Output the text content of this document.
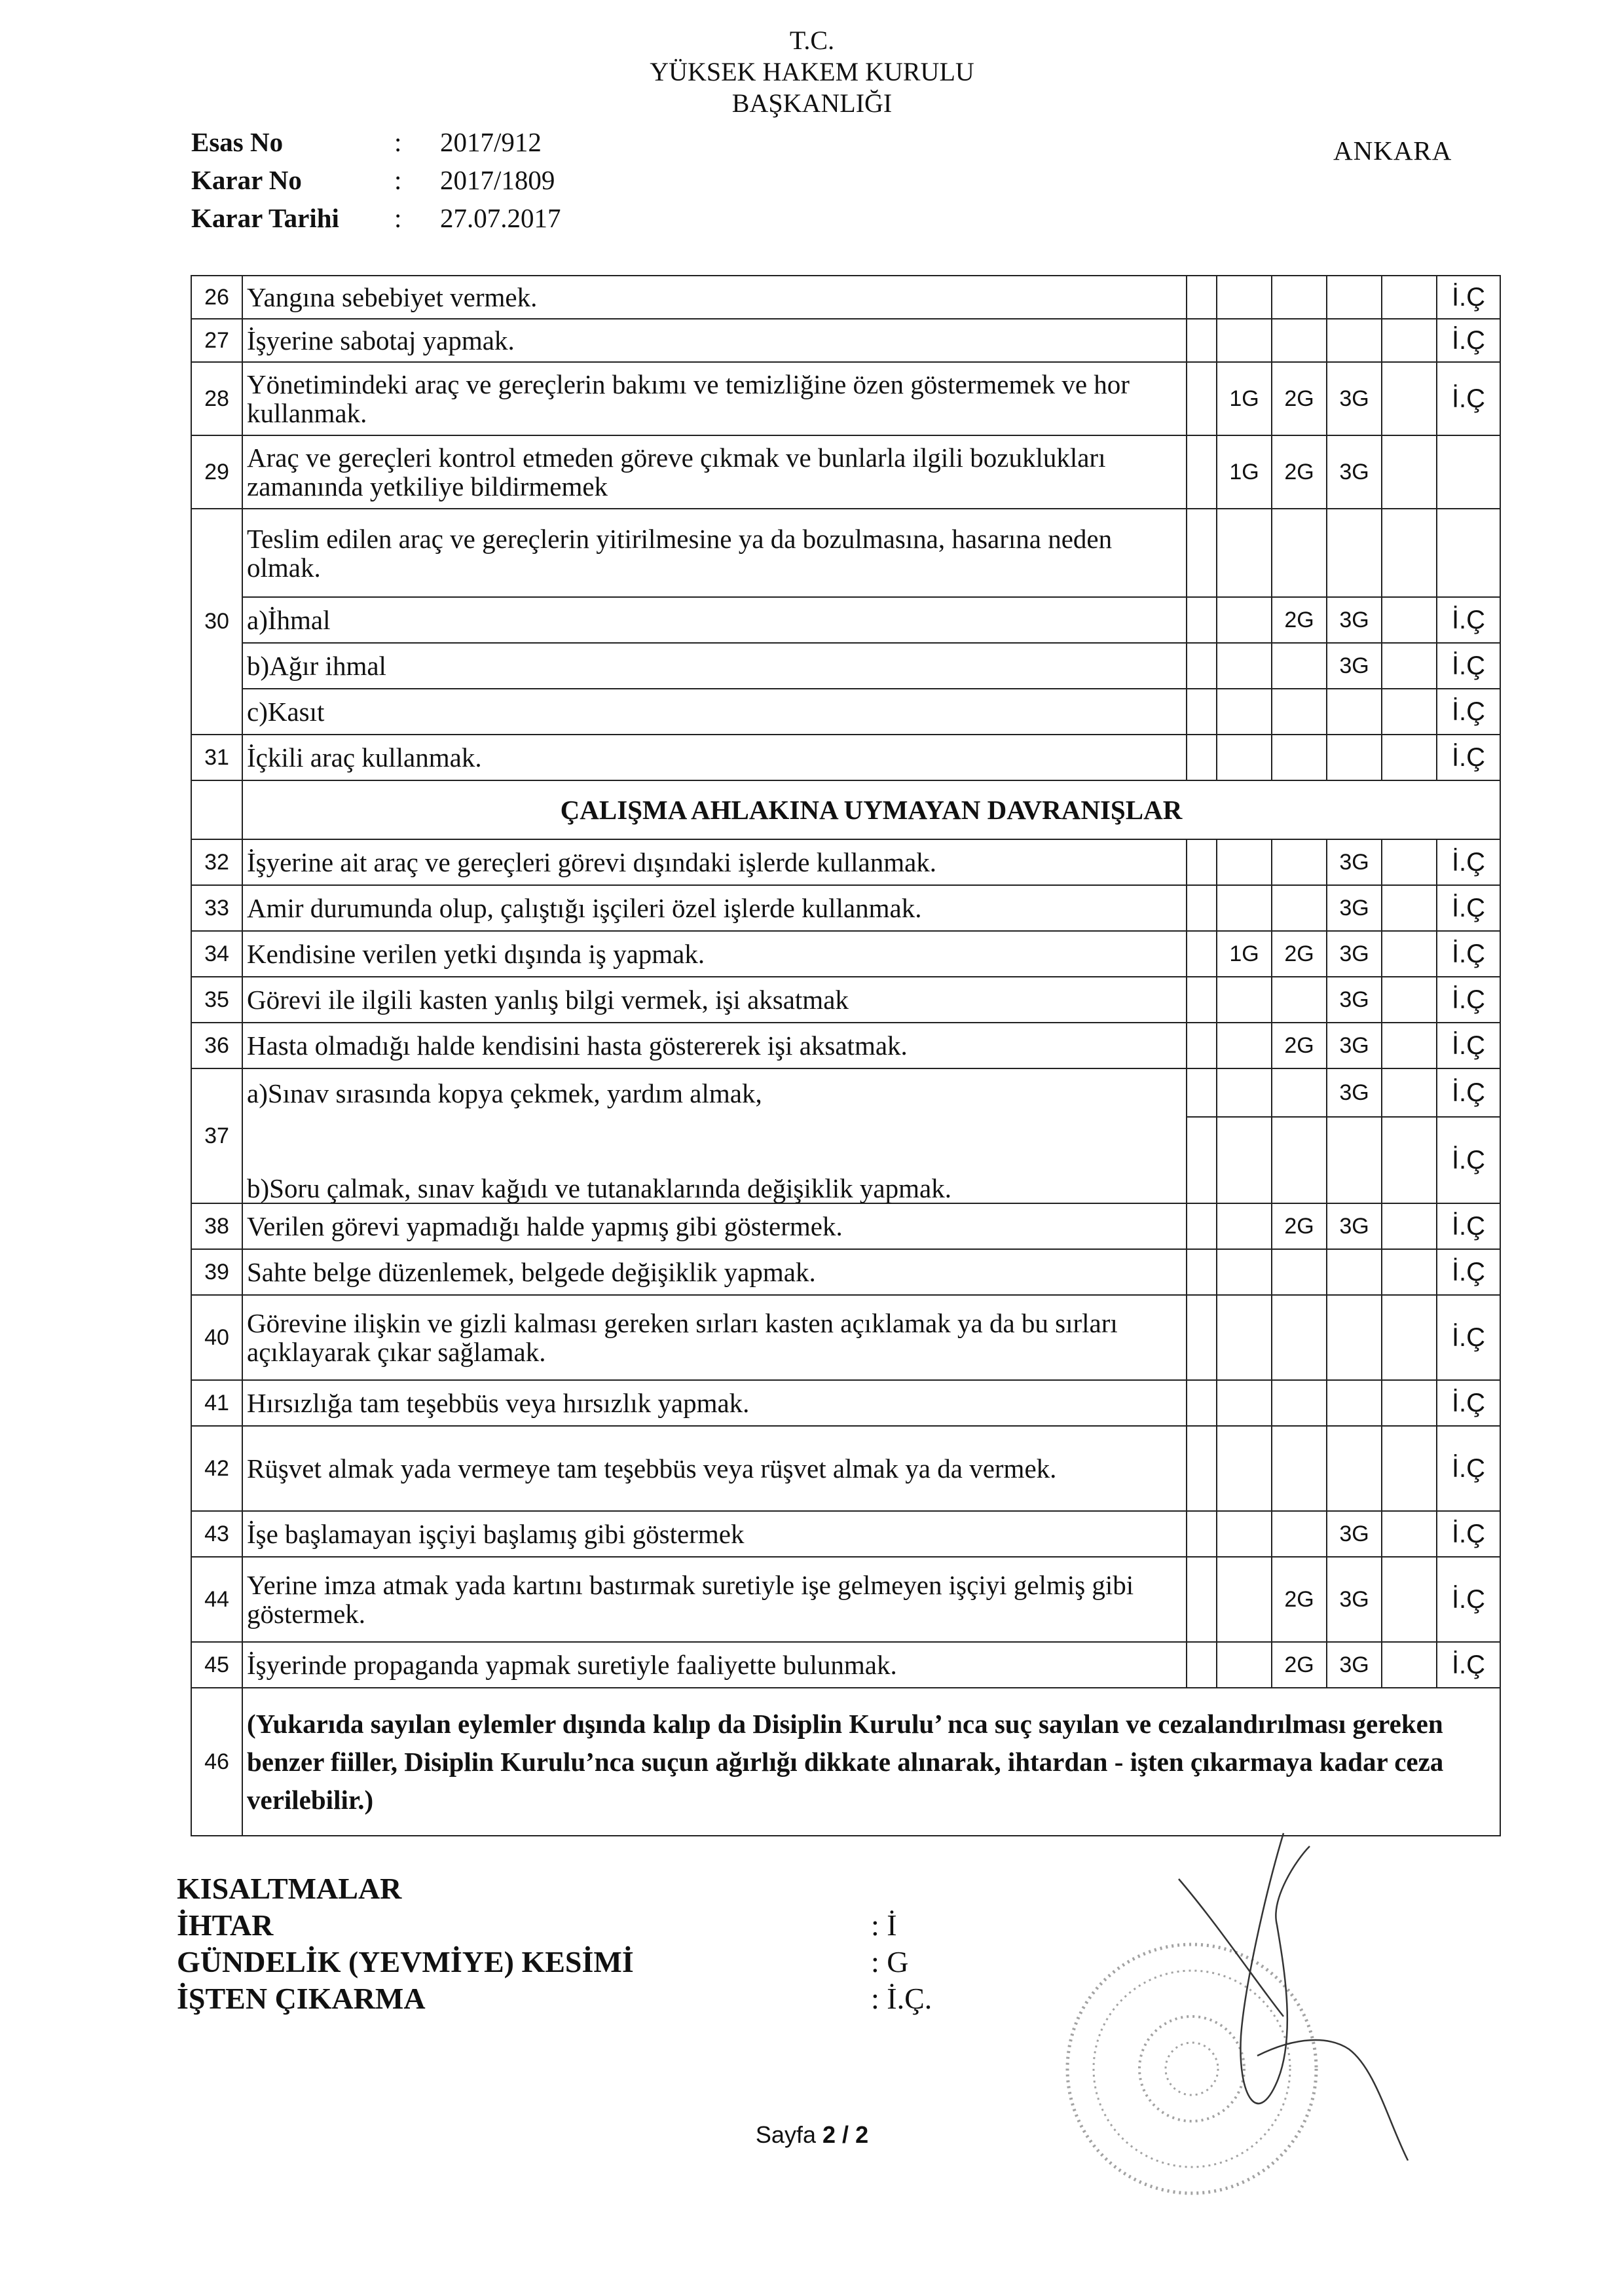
T.C.
YÜKSEK HAKEM KURULU
BAŞKANLIĞI
Esas No	:	2017/912
Karar No	:	2017/1809
Karar Tarihi	:	27.07.2017
ANKARA
26	Yangına sebebiyet vermek.						İ.Ç
27	İşyerine sabotaj yapmak.						İ.Ç
28	Yönetimindeki araç ve gereçlerin bakımı ve temizliğine özen göstermemek ve hor kullanmak.		1G	2G	3G		İ.Ç
29	Araç ve gereçleri kontrol etmeden göreve çıkmak ve bunlarla ilgili bozuklukları zamanında yetkiliye bildirmemek		1G	2G	3G		
30	Teslim edilen araç ve gereçlerin yitirilmesine ya da bozulmasına, hasarına neden olmak.						
	a)İhmal			2G	3G		İ.Ç
	b)Ağır ihmal				3G		İ.Ç
	c)Kasıt						İ.Ç
31	İçkili araç kullanmak.						İ.Ç
	ÇALIŞMA AHLAKINA UYMAYAN DAVRANIŞLAR						
32	İşyerine ait araç ve gereçleri görevi dışındaki işlerde kullanmak.				3G		İ.Ç
33	Amir durumunda olup, çalıştığı işçileri özel işlerde kullanmak.				3G		İ.Ç
34	Kendisine verilen yetki dışında iş yapmak.		1G	2G	3G		İ.Ç
35	Görevi ile ilgili kasten yanlış bilgi vermek, işi aksatmak				3G		İ.Ç
36	Hasta olmadığı halde kendisini hasta göstererek işi aksatmak.			2G	3G		İ.Ç
37	a)Sınav sırasında kopya çekmek, yardım almak,				3G		İ.Ç
	b)Soru çalmak, sınav kağıdı ve tutanaklarında değişiklik yapmak.						İ.Ç
38	Verilen görevi yapmadığı halde yapmış gibi göstermek.			2G	3G		İ.Ç
39	Sahte belge düzenlemek, belgede değişiklik yapmak.						İ.Ç
40	Görevine ilişkin ve gizli kalması gereken sırları kasten açıklamak ya da bu sırları açıklayarak çıkar sağlamak.						İ.Ç
41	Hırsızlığa tam teşebbüs veya hırsızlık yapmak.						İ.Ç
42	Rüşvet almak yada vermeye tam teşebbüs veya rüşvet almak ya da vermek.						İ.Ç
43	İşe başlamayan işçiyi başlamış gibi göstermek				3G		İ.Ç
44	Yerine imza atmak yada kartını bastırmak suretiyle işe gelmeyen işçiyi gelmiş gibi göstermek.			2G	3G		İ.Ç
45	İşyerinde propaganda yapmak suretiyle faaliyette bulunmak.			2G	3G		İ.Ç
46	(Yukarıda sayılan eylemler dışında kalıp da Disiplin Kurulu’ nca suç sayılan ve cezalandırılması gereken benzer fiiller, Disiplin Kurulu’nca suçun ağırlığı dikkate alınarak, ihtardan - işten çıkarmaya kadar ceza verilebilir.)						
KISALTMALAR
İHTAR	: İ
GÜNDELİK (YEVMİYE) KESİMİ	: G
İŞTEN ÇIKARMA	: İ.Ç.
Sayfa 2 / 2
